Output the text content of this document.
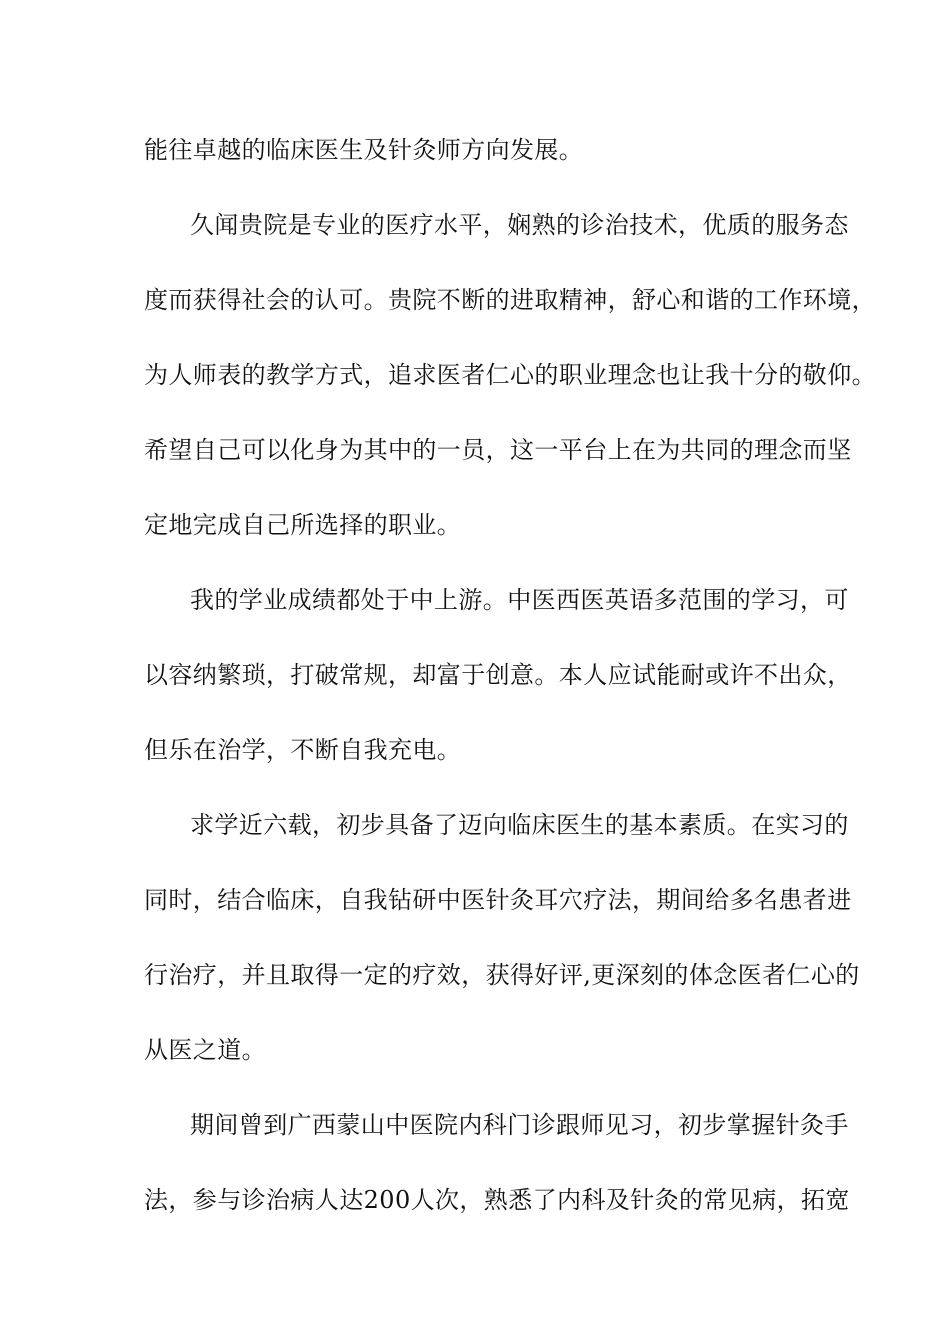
能往卓越的临床医生及针灸师方向发展。
久闻贵院是专业的医疗水平，娴熟的诊治技术，优质的服务态
度而获得社会的认可。贵院不断的进取精神，舒心和谐的工作环境，
为人师表的教学方式，追求医者仁心的职业理念也让我十分的敬仰。
希望自己可以化身为其中的一员，这一平台上在为共同的理念而坚
定地完成自己所选择的职业。
我的学业成绩都处于中上游。中医西医英语多范围的学习，可
以容纳繁琐，打破常规，却富于创意。本人应试能耐或许不出众，
但乐在治学，不断自我充电。
求学近六载，初步具备了迈向临床医生的基本素质。在实习的
同时，结合临床，自我钻研中医针灸耳穴疗法，期间给多名患者进
行治疗，并且取得一定的疗效，获得好评,更深刻的体念医者仁心的
从医之道。
期间曾到广西蒙山中医院内科门诊跟师见习，初步掌握针灸手
法，参与诊治病人达200人次，熟悉了内科及针灸的常见病，拓宽
